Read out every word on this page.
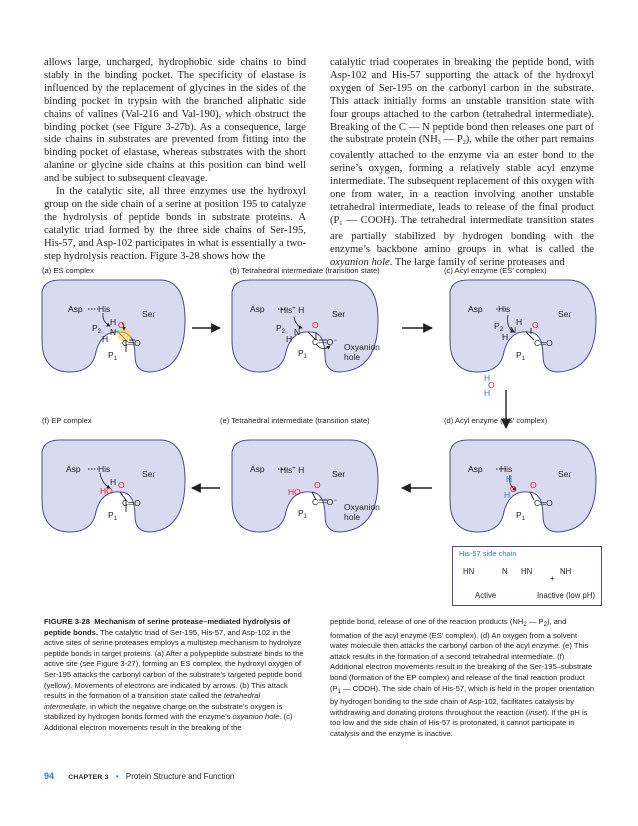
allows large, uncharged, hydrophobic side chains to bind stably in the binding pocket. The specificity of elastase is influenced by the replacement of glycines in the sides of the binding pocket in trypsin with the branched aliphatic side chains of valines (Val-216 and Val-190), which obstruct the binding pocket (see Figure 3-27b). As a consequence, large side chains in substrates are prevented from fitting into the binding pocket of elastase, whereas substrates with the short alanine or glycine side chains at this position can bind well and be subject to subsequent cleavage.

In the catalytic site, all three enzymes use the hydroxyl group on the side chain of a serine at position 195 to catalyze the hydrolysis of peptide bonds in substrate proteins. A catalytic triad formed by the three side chains of Ser-195, His-57, and Asp-102 participates in what is essentially a two-step hydrolysis reaction. Figure 3-28 shows how the

catalytic triad cooperates in breaking the peptide bond, with Asp-102 and His-57 supporting the attack of the hydroxyl oxygen of Ser-195 on the carbonyl carbon in the substrate. This attack initially forms an unstable transition state with four groups attached to the carbon (tetrahedral intermediate). Breaking of the C — N peptide bond then releases one part of the substrate protein ($NH_3$ — $P_2$), while the other part remains covalently attached to the enzyme via an ester bond to the serine’s oxygen, forming a relatively stable acyl enzyme intermediate. The subsequent replacement of this oxygen with one from water, in a reaction involving another unstable tetrahedral intermediate, leads to release of the final product ($P_1$ — COOH). The tetrahedral intermediate transition states are partially stabilized by hydrogen bonding with the enzyme’s backbone amino groups in what is called the oxyanion hole. The large family of serine proteases and

(a) ES complex	(b) Tetrahedral intermediate (transition state)	(c) Acyl enzyme (ES′ complex)
(f) EP complex	(e) Tetrahedral intermediate (transition state)	(d) Acyl enzyme (ES′ complex)
Asp His	Ser
H O
$P_2$ N
H C═O
$P_1$
Asp His+ H	Ser
O
$P_2$ N
H C—O−
$P_1$
Oxyanion
hole
Asp His	Ser
H O
$P_2$ N
H
C═O
$P_1$
H
O
H
Asp His	Ser
H O
HO
C═O
$P_1$
Asp His+ H	Ser
O
HO
C—O−
$P_1$
Oxyanion
hole
Asp His	Ser
H
O
O
H
C═O
$P_1$
His-57 side chain
HN	N HN	NH
+
Active	Inactive (low pH)
FIGURE 3-28 Mechanism of serine protease–mediated hydrolysis of peptide bonds. The catalytic triad of Ser-195, His-57, and Asp-102 in the active sites of serine proteases employs a multistep mechanism to hydrolyze peptide bonds in target proteins. (a) After a polypeptide substrate binds to the active site (see Figure 3-27), forming an ES complex, the hydroxyl oxygen of Ser-195 attacks the carbonyl carbon of the substrate’s targeted peptide bond (yellow). Movements of electrons are indicated by arrows. (b) This attack results in the formation of a transition state called the tetrahedral intermediate, in which the negative charge on the substrate’s oxygen is stabilized by hydrogen bonds formed with the enzyme’s oxyanion hole. (c) Additional electron movements result in the breaking of the
peptide bond, release of one of the reaction products ($NH_2$ — $P_2$), and formation of the acyl enzyme (ES′ complex). (d) An oxygen from a solvent water molecule then attacks the carbonyl carbon of the acyl enzyme. (e) This attack results in the formation of a second tetrahedral intermediate. (f) Additional electron movements result in the breaking of the Ser-195–substrate bond (formation of the EP complex) and release of the final reaction product ($P_1$ — COOH). The side chain of His-57, which is held in the proper orientation by hydrogen bonding to the side chain of Asp-102, facilitates catalysis by withdrawing and donating protons throughout the reaction (inset). If the pH is too low and the side chain of His-57 is protonated, it cannot participate in catalysis and the enzyme is inactive.
94 CHAPTER 3 • Protein Structure and Function
